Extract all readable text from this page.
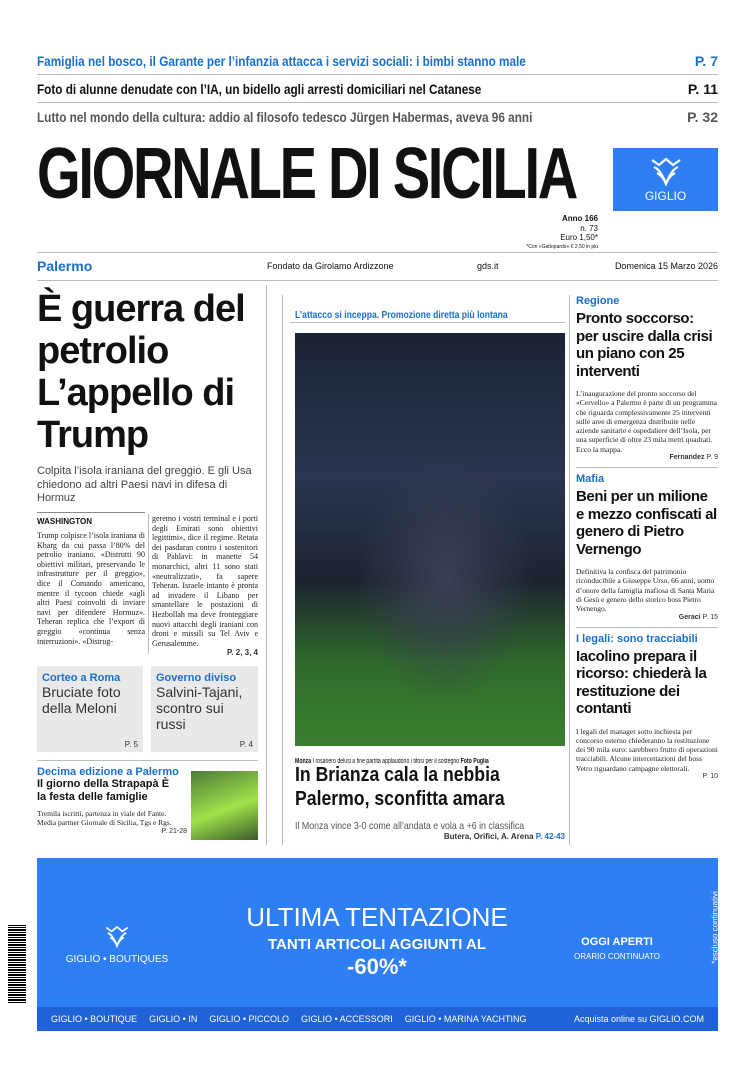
Famiglia nel bosco, il Garante per l’infanzia attacca i servizi sociali: i bimbi stanno male	P. 7
Foto di alunne denudate con l’IA, un bidello agli arresti domiciliari nel Catanese	P. 11
Lutto nel mondo della cultura: addio al filosofo tedesco Jürgen Habermas, aveva 96 anni	P. 32
GIORNALE DI SICILIA	GIGLIO
Anno 166
n. 73
Euro 1,50*
*Con «Gattopardo» € 2,50 in più
Palermo	Fondato da Girolamo Ardizzone	gds.it	Domenica 15 Marzo 2026
È guerra del petrolio L’appello di Trump
Colpita l’isola iraniana del greggio. E gli Usa chiedono ad altri Paesi navi in difesa di Hormuz
WASHINGTON
Trump colpisce l’isola iraniana di Kharg da cui passa l’80% del petrolio iraniano. «Distrutti 90 obiettivi militari, preservando le infrastrutture per il greggio», dice il Comando americano, mentre il tycoon chiede «agli altri Paesi coinvolti di inviare navi per difendere Hormuz». Teheran replica che l’export di greggio «continua senza interruzioni». «Distrug-
geremo i vostri terminal e i porti degli Emirati sono obiettivi legittimi», dice il regime. Retata dei pasdaran contro i sostenitori di Pahlavi: in manette 54 monarchici, altri 11 sono stati «neutralizzati», fa sapere Teheran. Israele intanto è pronta ad invadere il Libano per smantellare le postazioni di Hezbollah ma deve fronteggiare nuovi attacchi degli iraniani con droni e missili su Tel Aviv e Gerusalemme.
P. 2, 3, 4
Corteo a Roma
Bruciate foto della Meloni
P. 5
Governo diviso
Salvini-Tajani, scontro sui russi
P. 4
Decima edizione a Palermo
Il giorno della Strapapà È la festa delle famiglie
Tremila iscritti, partenza in viale del Fante. Media partner Giornale di Sicilia, Tgs e Rgs.
P. 21-28
L’attacco si inceppa. Promozione diretta più lontana
Monza I rosanero delusi a fine partita applaudono i tifosi per il sostegno Foto Puglia
In Brianza cala la nebbia Palermo, sconfitta amara
Il Monza vince 3-0 come all’andata e vola a +6 in classifica
Butera, Orifici, A. Arena P. 42-43
Regione
Pronto soccorso: per uscire dalla crisi un piano con 25 interventi
L’inaugurazione del pronto soccorso del «Cervello» a Palermo è parte di un programma che riguarda complessivamente 25 interventi sulle aree di emergenza distribuite nelle aziende sanitarie e ospedaliere dell’Isola, per una superficie di oltre 23 mila metri quadrati. Ecco la mappa.
Fernandez P. 9
Mafia
Beni per un milione e mezzo confiscati al genero di Pietro Vernengo
Definitiva la confisca del patrimonio riconducibile a Giuseppe Urso, 66 anni, uomo d’onore della famiglia mafiosa di Santa Maria di Gesù e genero dello storico boss Pietro Vernengo.
Geraci P. 15
I legali: sono tracciabili
Iacolino prepara il ricorso: chiederà la restituzione dei contanti
I legali del manager sotto inchiesta per concorso esterno chiederanno la restituzione dei 90 mila euro: sarebbero frutto di operazioni tracciabili. Alcune intercettazioni del boss Vetro riguardano campagne elettorali.
P. 10
GIGLIO • BOUTIQUES
ULTIMA TENTAZIONE
TANTI ARTICOLI AGGIUNTI AL
-60%*
OGGI APERTI
ORARIO CONTINUATO	*escluso continuativi
GIGLIO • BOUTIQUE GIGLIO • IN GIGLIO • PICCOLO GIGLIO • ACCESSORI GIGLIO • MARINA YACHTING	Acquista online su GIGLIO.COM
